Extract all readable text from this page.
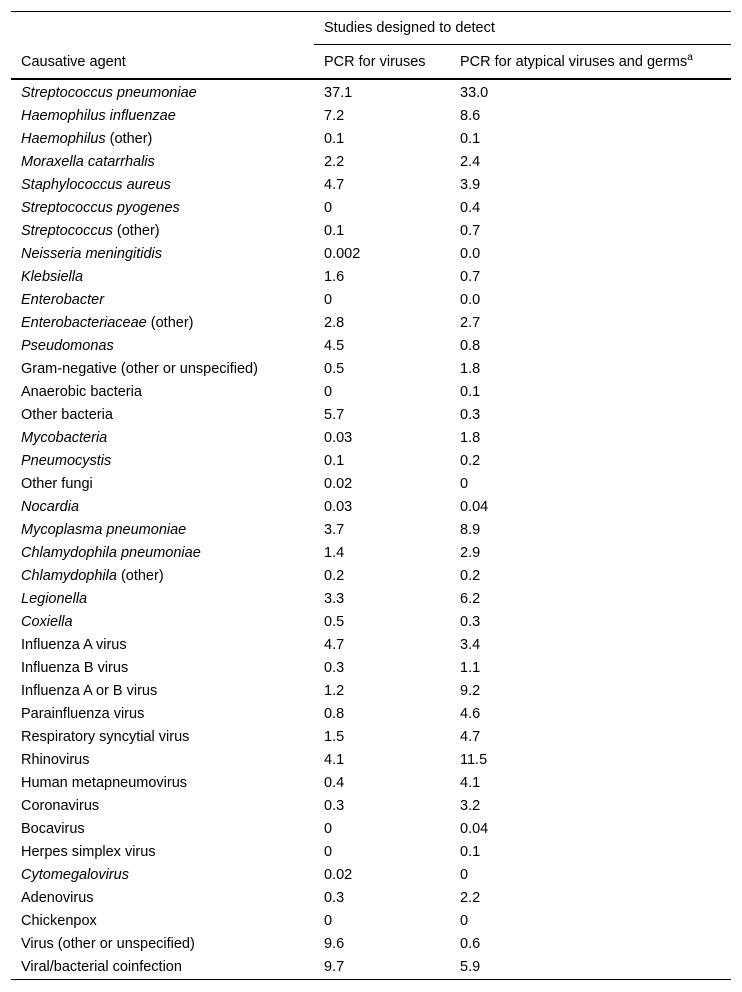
Causative agent	Studies designed to detect	
	PCR for viruses	PCR for atypical viruses and germs$^a$

Streptococcus pneumoniae	37.1	33.0
Haemophilus influenzae	7.2	8.6
Haemophilus (other)	0.1	0.1
Moraxella catarrhalis	2.2	2.4
Staphylococcus aureus	4.7	3.9
Streptococcus pyogenes	0	0.4
Streptococcus (other)	0.1	0.7
Neisseria meningitidis	0.002	0.0
Klebsiella	1.6	0.7
Enterobacter	0	0.0
Enterobacteriaceae (other)	2.8	2.7
Pseudomonas	4.5	0.8
Gram-negative (other or unspecified)	0.5	1.8
Anaerobic bacteria	0	0.1
Other bacteria	5.7	0.3
Mycobacteria	0.03	1.8
Pneumocystis	0.1	0.2
Other fungi	0.02	0
Nocardia	0.03	0.04
Mycoplasma pneumoniae	3.7	8.9
Chlamydophila pneumoniae	1.4	2.9
Chlamydophila (other)	0.2	0.2
Legionella	3.3	6.2
Coxiella	0.5	0.3
Influenza A virus	4.7	3.4
Influenza B virus	0.3	1.1
Influenza A or B virus	1.2	9.2
Parainfluenza virus	0.8	4.6
Respiratory syncytial virus	1.5	4.7
Rhinovirus	4.1	11.5
Human metapneumovirus	0.4	4.1
Coronavirus	0.3	3.2
Bocavirus	0	0.04
Herpes simplex virus	0	0.1
Cytomegalovirus	0.02	0
Adenovirus	0.3	2.2
Chickenpox	0	0
Virus (other or unspecified)	9.6	0.6
Viral/bacterial coinfection	9.7	5.9
